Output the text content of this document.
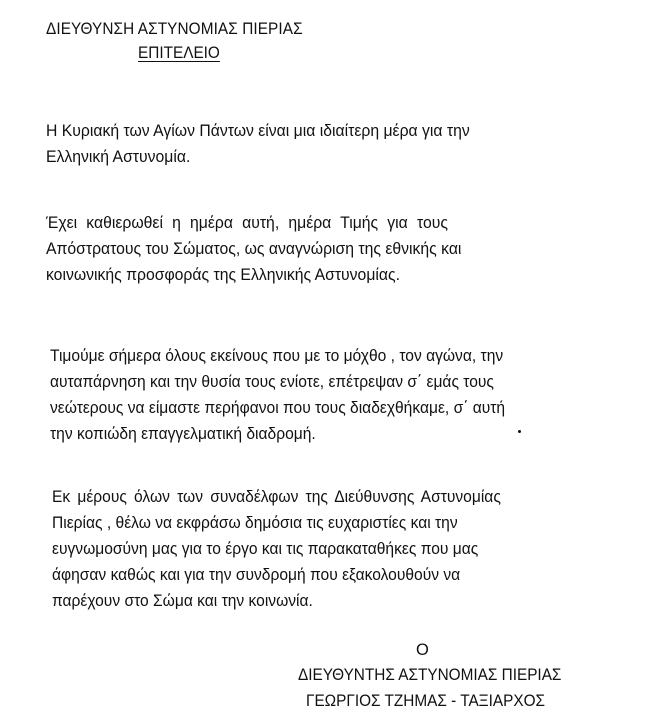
ΔΙΕΥΘΥΝΣΗ ΑΣΤΥΝΟΜΙΑΣ ΠΙΕΡΙΑΣ
ΕΠΙΤΕΛΕΙΟ
Η Κυριακή των Αγίων Πάντων είναι μια ιδιαίτερη μέρα για την
Ελληνική Αστυνομία.
Έχει καθιερωθεί η ημέρα αυτή, ημέρα Τιμής για τους
Απόστρατους του Σώματος, ως αναγνώριση της εθνικής και
κοινωνικής προσφοράς της Ελληνικής Αστυνομίας.
Τιμούμε σήμερα όλους εκείνους που με το μόχθο , τον αγώνα, την
αυταπάρνηση και την θυσία τους ενίοτε, επέτρεψαν σ΄ εμάς τους
νεώτερους να είμαστε περήφανοι που τους διαδεχθήκαμε, σ΄ αυτή
την κοπιώδη επαγγελματική διαδρομή.
Εκ μέρους όλων των συναδέλφων της Διεύθυνσης Αστυνομίας
Πιερίας , θέλω να εκφράσω δημόσια τις ευχαριστίες και την
ευγνωμοσύνη μας για το έργο και τις παρακαταθήκες που μας
άφησαν καθώς και για την συνδρομή που εξακολουθούν να
παρέχουν στο Σώμα και την κοινωνία.
Ο
ΔΙΕΥΘΥΝΤΗΣ ΑΣΤΥΝΟΜΙΑΣ ΠΙΕΡΙΑΣ
ΓΕΩΡΓΙΟΣ ΤΖΗΜΑΣ - ΤΑΞΙΑΡΧΟΣ
